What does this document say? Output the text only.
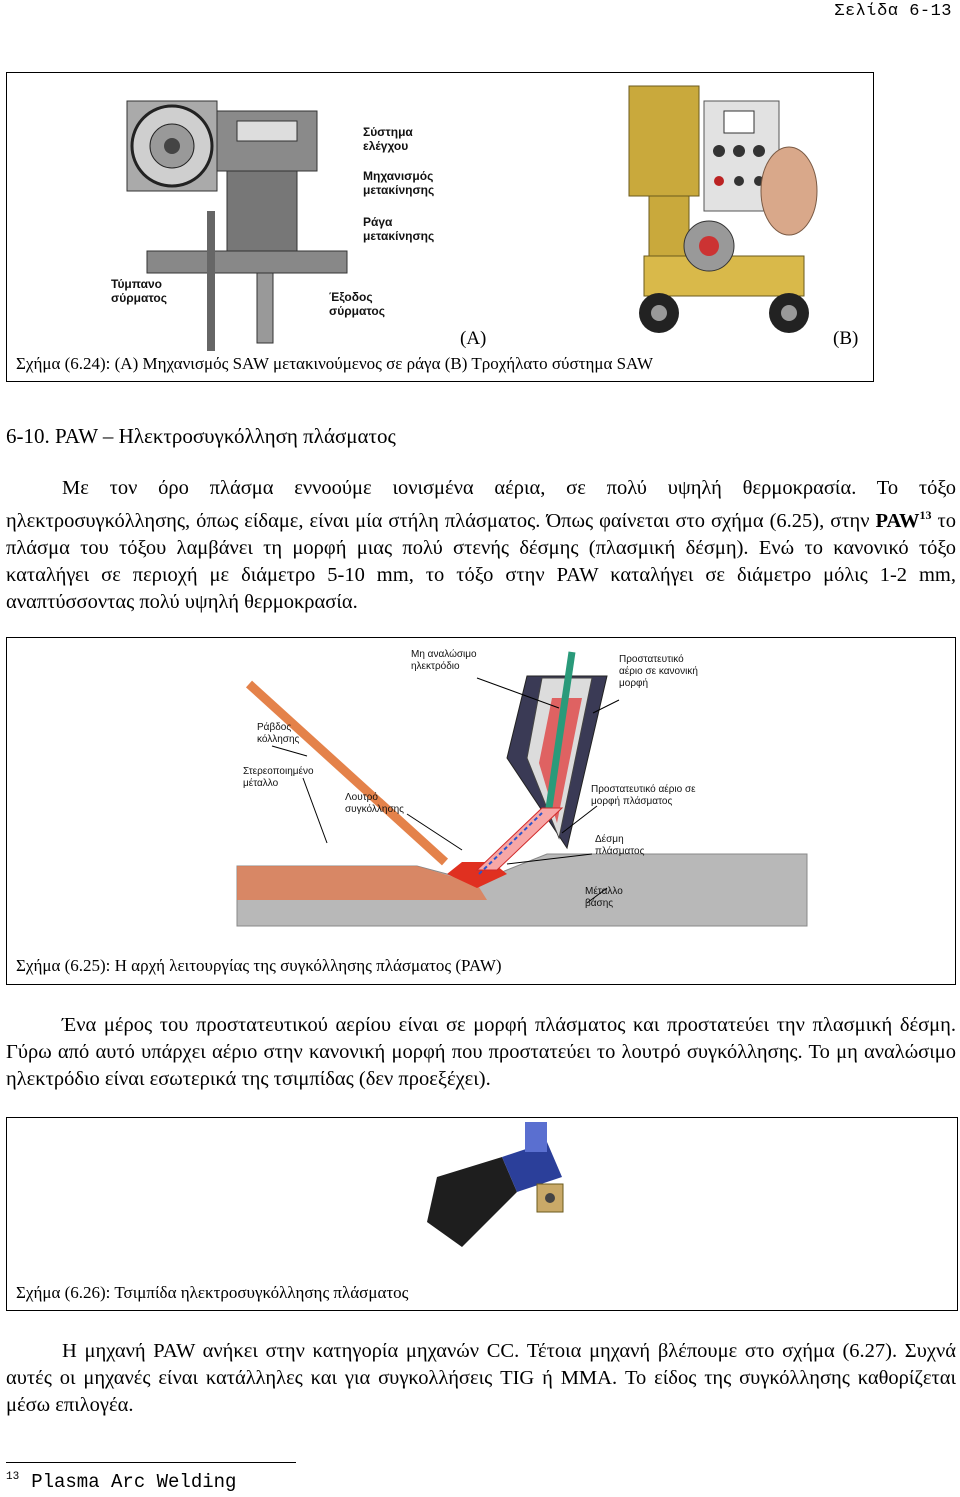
Σελίδα 6-13
Σύστημα ελέγχου
Μηχανισμός μετακίνησης
Ράγα μετακίνησης
Τύμπανο σύρματος	Έξοδος σύρματος
(A)	(B)
Σχήμα (6.24): (A) Μηχανισμός SAW μετακινούμενος σε ράγα (B) Τροχήλατο σύστημα SAW
6-10. PAW – Ηλεκτροσυγκόλληση πλάσματος

Με τον όρο πλάσμα εννοούμε ιονισμένα αέρια, σε πολύ υψηλή θερμοκρασία. Το τόξο ηλεκτροσυγκόλλησης, όπως είδαμε, είναι μία στήλη πλάσματος. Όπως φαίνεται στο σχήμα (6.25), στην PAW$^{13}$ το πλάσμα του τόξου λαμβάνει τη μορφή μιας πολύ στενής δέσμης (πλασμική δέσμη). Ενώ το κανονικό τόξο καταλήγει σε περιοχή με διάμετρο 5-10 mm, το τόξο στην PAW καταλήγει σε διάμετρο μόλις 1-2 mm, αναπτύσσοντας πολύ υψηλή θερμοκρασία.

Μη αναλώσιμο ηλεκτρόδιο
Προστατευτικό αέριο σε κανονική μορφή
Ράβδος κόλλησης
Στερεοποιημένο μέταλλο
Λουτρό συγκόλλησης
Προστατευτικό αέριο σε μορφή πλάσματος
Δέσμη πλάσματος
Μέταλλο βάσης
Σχήμα (6.25): Η αρχή λειτουργίας της συγκόλλησης πλάσματος (PAW)

Ένα μέρος του προστατευτικού αερίου είναι σε μορφή πλάσματος και προστατεύει την πλασμική δέσμη. Γύρω από αυτό υπάρχει αέριο στην κανονική μορφή που προστατεύει το λουτρό συγκόλλησης. Το μη αναλώσιμο ηλεκτρόδιο είναι εσωτερικά της τσιμπίδας (δεν προεξέχει).

Σχήμα (6.26): Τσιμπίδα ηλεκτροσυγκόλλησης πλάσματος

Η μηχανή PAW ανήκει στην κατηγορία μηχανών CC. Τέτοια μηχανή βλέπουμε στο σχήμα (6.27). Συχνά αυτές οι μηχανές είναι κατάλληλες και για συγκολλήσεις TIG ή MMA. Το είδος της συγκόλλησης καθορίζεται μέσω επιλογέα.

$^{13}$ Plasma Arc Welding
